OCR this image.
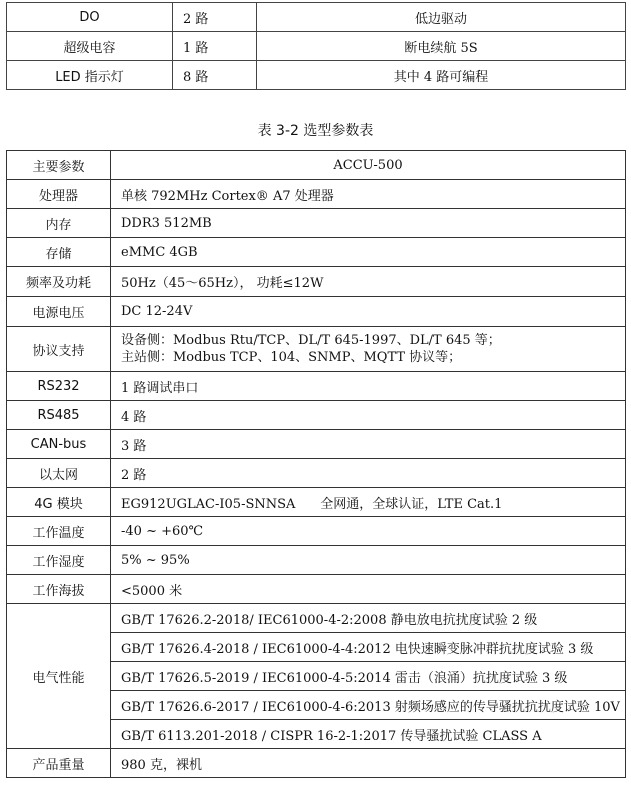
DO	2 路	低边驱动
超级电容	1 路	断电续航 5S
LED 指示灯	8 路	其中 4 路可编程
表 3-2 选型参数表
主要参数	ACCU-500
处理器	单核 792MHz Cortex® A7 处理器
内存	DDR3 512MB
存储	eMMC 4GB
频率及功耗	50Hz（45～65Hz）， 功耗≤12W
电源电压	DC 12-24V
协议支持	设备侧：Modbus Rtu/TCP、DL/T 645-1997、DL/T 645 等；
主站侧：Modbus TCP、104、SNMP、MQTT 协议等；

RS232	1 路调试串口
RS485	4 路
CAN-bus	3 路
以太网	2 路
4G 模块	EG912UGLAC-I05-SNNSA      全网通，全球认证，LTE Cat.1
工作温度	-40 ~ +60℃
工作湿度	5% ~ 95%
工作海拔	<5000 米
电气性能	GB/T 17626.2-2018/ IEC61000-4-2:2008 静电放电抗扰度试验 2 级
	GB/T 17626.4-2018 / IEC61000-4-4:2012 电快速瞬变脉冲群抗扰度试验 3 级
	GB/T 17626.5-2019 / IEC61000-4-5:2014 雷击（浪涌）抗扰度试验 3 级
	GB/T 17626.6-2017 / IEC61000-4-6:2013 射频场感应的传导骚扰抗扰度试验 10V
	GB/T 6113.201-2018 / CISPR 16-2-1:2017 传导骚扰试验 CLASS A
产品重量	980 克，裸机
